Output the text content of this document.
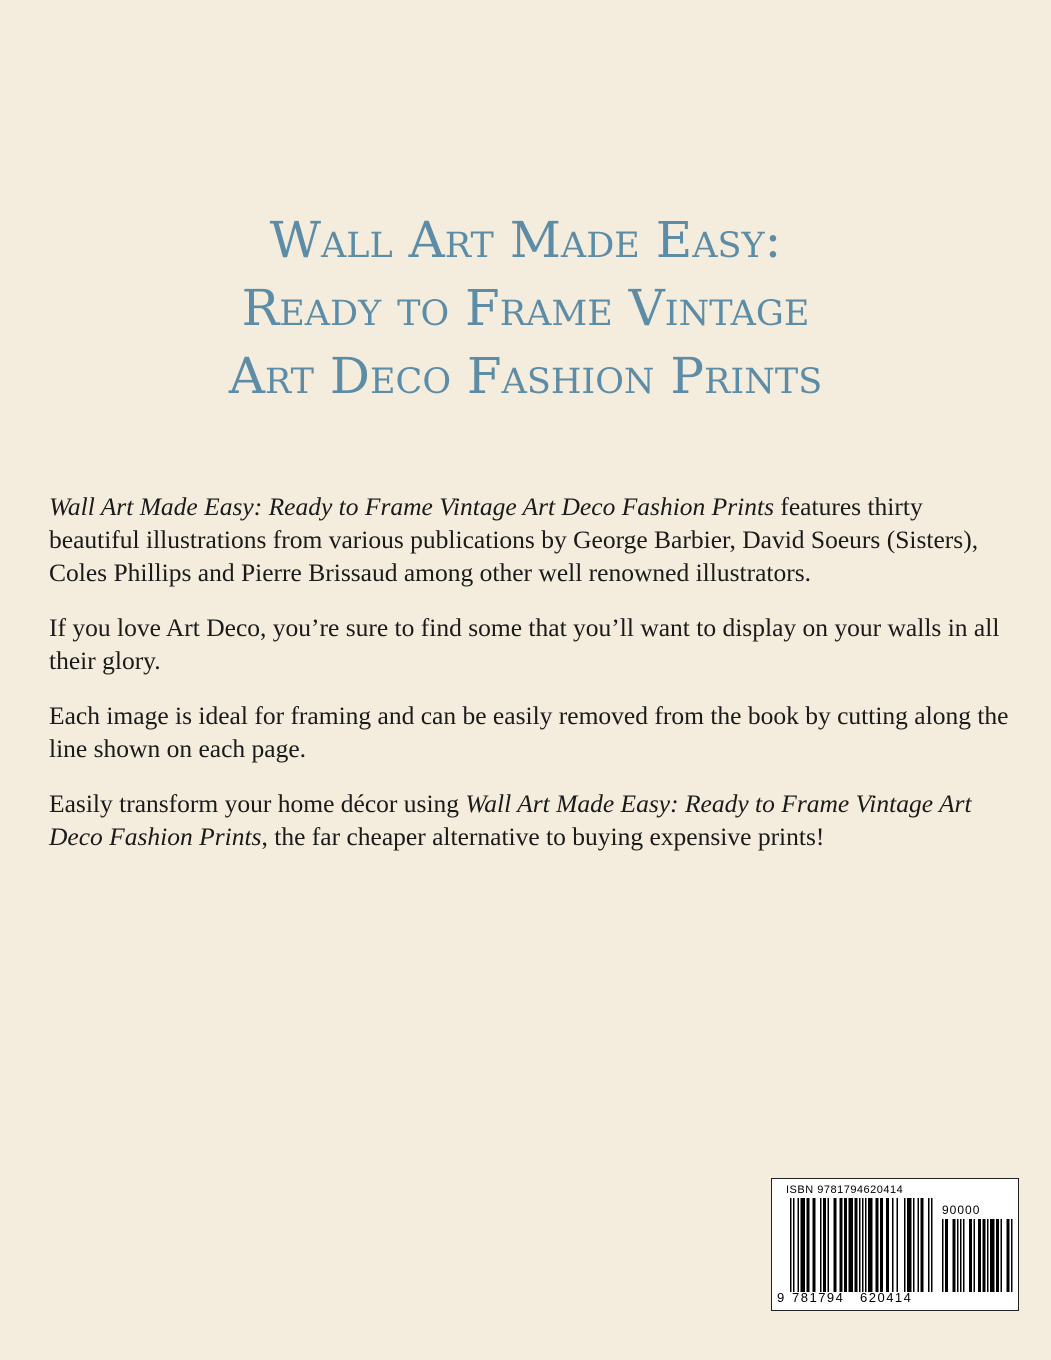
Wall Art Made Easy:
Ready to Frame Vintage
Art Deco Fashion Prints

Wall Art Made Easy: Ready to Frame Vintage Art Deco Fashion Prints features thirty beautiful illustrations from various publications by George Barbier, David Soeurs (Sisters), Coles Phillips and Pierre Brissaud among other well renowned illustrators.

If you love Art Deco, you’re sure to find some that you’ll want to display on your walls in all their glory.

Each image is ideal for framing and can be easily removed from the book by cutting along the line shown on each page.

Easily transform your home décor using Wall Art Made Easy: Ready to Frame Vintage Art Deco Fashion Prints, the far cheaper alternative to buying expensive prints!

ISBN 9781794620414
90000
9 781794 620414
